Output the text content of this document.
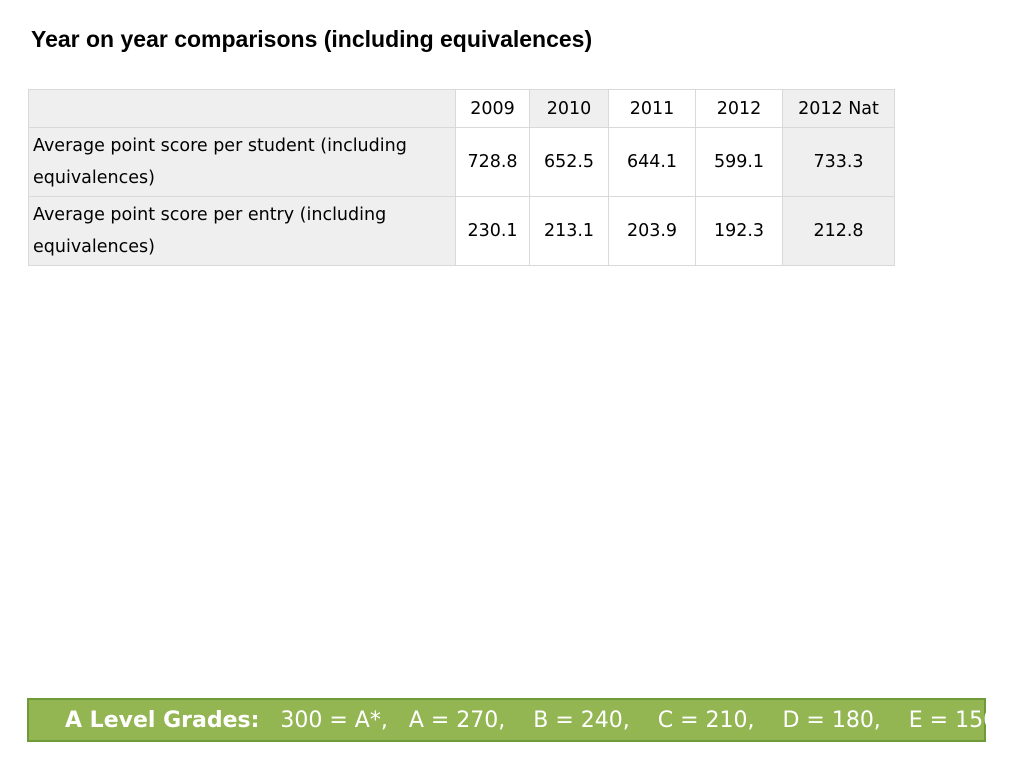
Year on year comparisons (including equivalences)
	2009	2010	2011	2012	2012 Nat
Average point score per student (including equivalences)	728.8	652.5	644.1	599.1	733.3
Average point score per entry (including equivalences)	230.1	213.1	203.9	192.3	212.8
A Level Grades:
300 = A*,   A = 270,    B = 240,    C = 210,    D = 180,    E = 150
